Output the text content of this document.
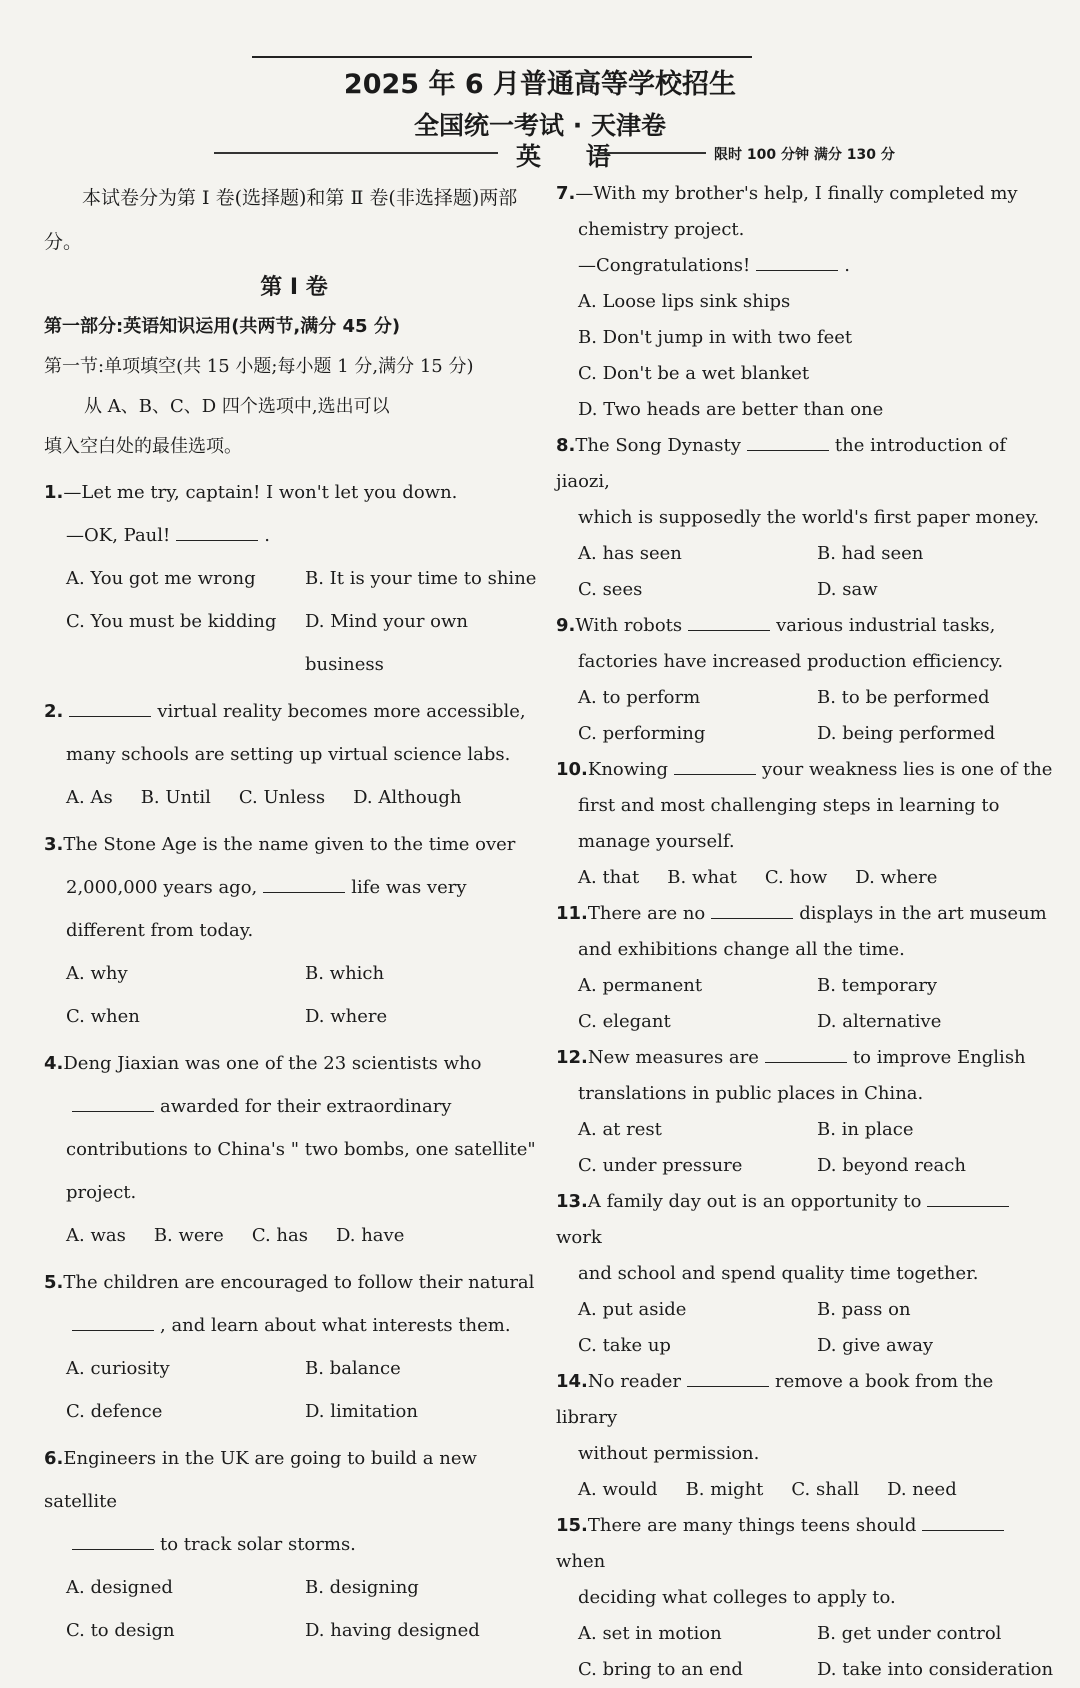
2025 年 6 月普通高等学校招生
全国统一考试 · 天津卷
英 语	限时 100 分钟 满分 130 分

本试卷分为第 Ⅰ 卷(选择题)和第 Ⅱ 卷(非选择题)两部分。

第 Ⅰ 卷
第一部分:英语知识运用(共两节,满分 45 分)
第一节:单项填空(共 15 小题;每小题 1 分,满分 15 分)
从 A、B、C、D 四个选项中,选出可以
填入空白处的最佳选项。
1.—Let me try, captain! I won't let you down.
—OK, Paul!	.
A. You got me wrong	B. It is your time to shine
C. You must be kidding	D. Mind your own business
2.	virtual reality becomes more accessible,
many schools are setting up virtual science labs.
A. As B. Until C. Unless D. Although
3.The Stone Age is the name given to the time over
2,000,000 years ago,	life was very
different from today.
A. why	B. which
C. when	D. where
4.Deng Jiaxian was one of the 23 scientists who
awarded for their extraordinary
contributions to China's " two bombs, one satellite"
project.
A. was B. were C. has D. have
5.The children are encouraged to follow their natural
, and learn about what interests them.
A. curiosity	B. balance
C. defence	D. limitation
6.Engineers in the UK are going to build a new satellite
to track solar storms.
A. designed	B. designing
C. to design	D. having designed
7.—With my brother's help, I finally completed my
chemistry project.
—Congratulations!	.
A. Loose lips sink ships
B. Don't jump in with two feet
C. Don't be a wet blanket
D. Two heads are better than one
8.The Song Dynasty	the introduction of jiaozi,
which is supposedly the world's first paper money.
A. has seen	B. had seen
C. sees	D. saw
9.With robots	various industrial tasks,
factories have increased production efficiency.
A. to perform	B. to be performed
C. performing	D. being performed
10.Knowing	your weakness lies is one of the
first and most challenging steps in learning to
manage yourself.
A. that B. what C. how D. where
11.There are no	displays in the art museum
and exhibitions change all the time.
A. permanent	B. temporary
C. elegant	D. alternative
12.New measures are	to improve English
translations in public places in China.
A. at rest	B. in place
C. under pressure	D. beyond reach
13.A family day out is an opportunity towork
and school and spend quality time together.
A. put aside	B. pass on
C. take up	D. give away
14.No reader	remove a book from the library
without permission.
A. would B. might C. shall D. need
15.There are many things teens shouldwhen
deciding what colleges to apply to.
A. set in motion	B. get under control
C. bring to an end	D. take into consideration
